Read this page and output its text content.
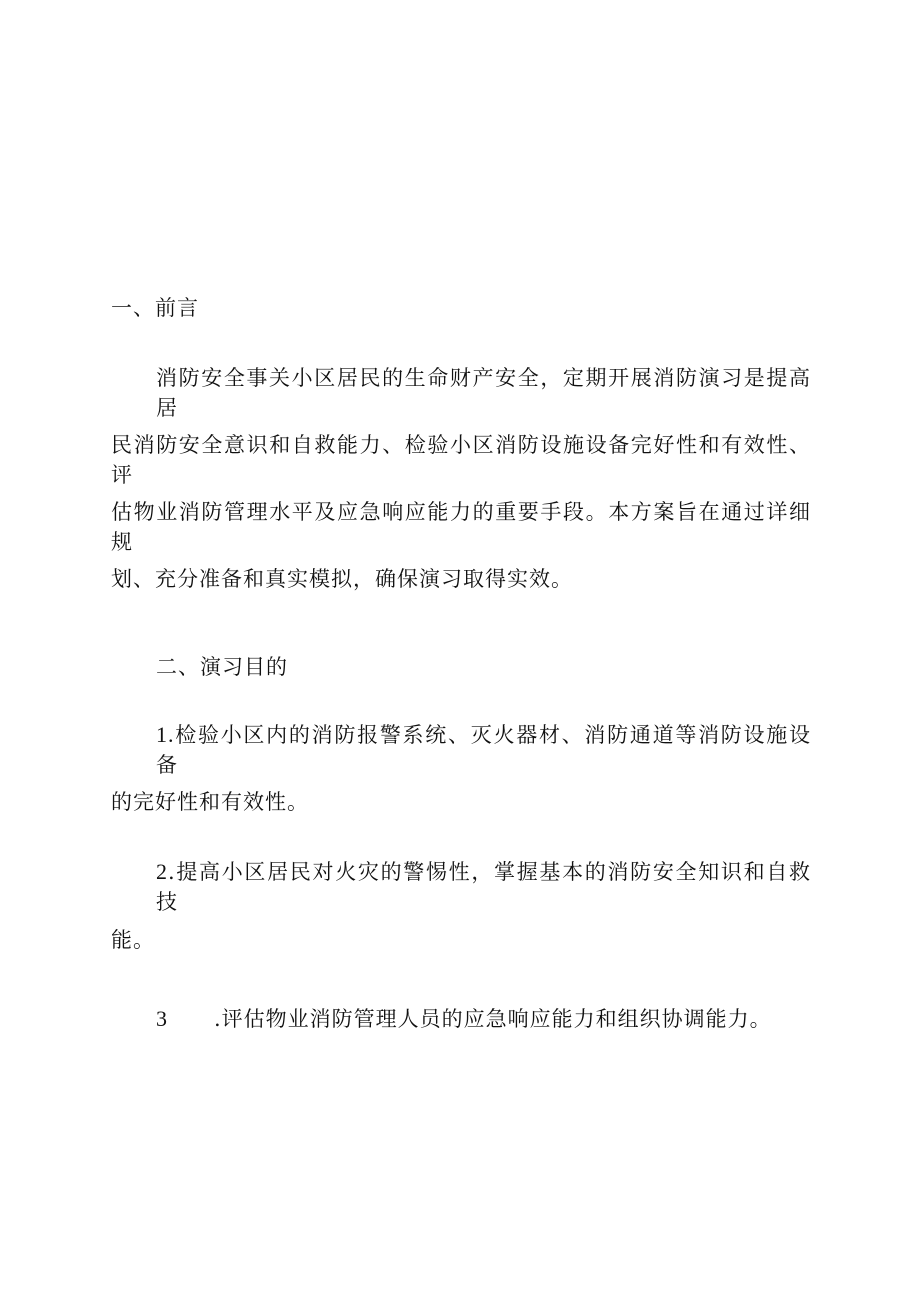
一、前言
消防安全事关小区居民的生命财产安全，定期开展消防演习是提高居
民消防安全意识和自救能力、检验小区消防设施设备完好性和有效性、评
估物业消防管理水平及应急响应能力的重要手段。本方案旨在通过详细规
划、充分准备和真实模拟，确保演习取得实效。
二、演习目的
1.检验小区内的消防报警系统、灭火器材、消防通道等消防设施设备
的完好性和有效性。
2.提高小区居民对火灾的警惕性，掌握基本的消防安全知识和自救技
能。
3 .评估物业消防管理人员的应急响应能力和组织协调能力。
